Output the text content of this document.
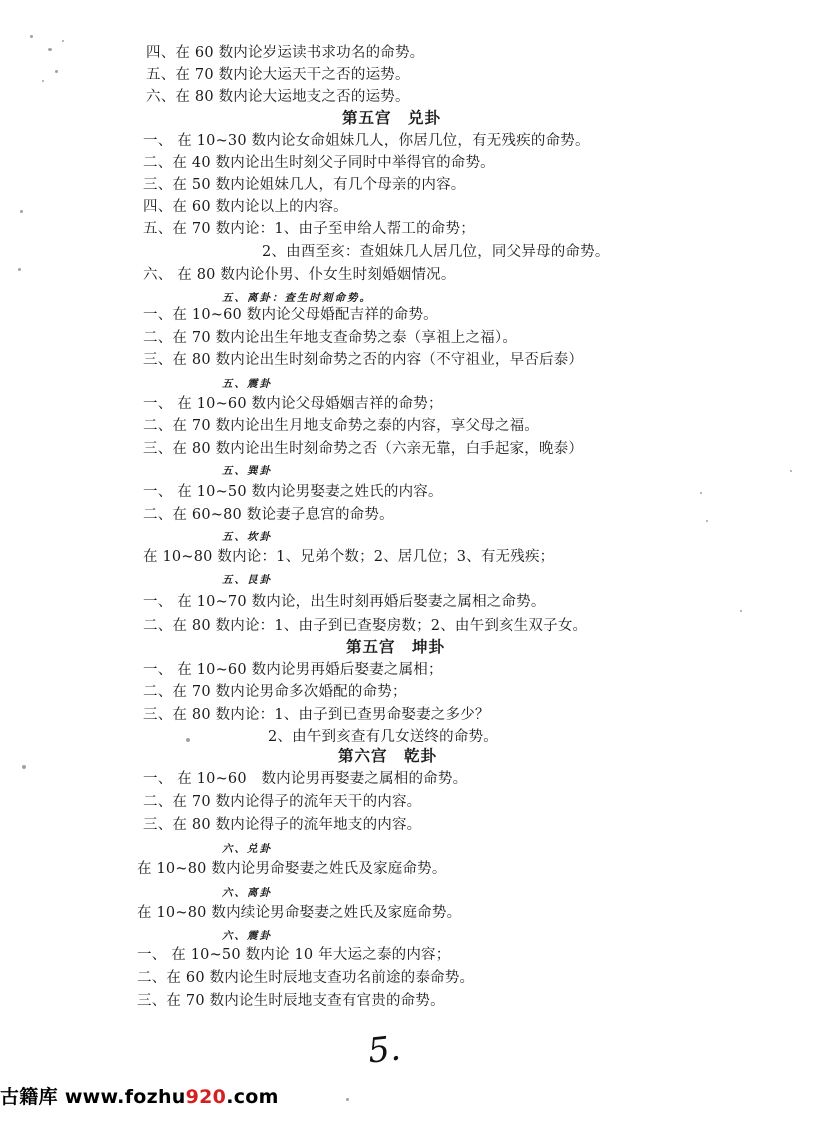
四、在 60 数内论岁运读书求功名的命势。
五、在 70 数内论大运天干之否的运势。
六、在 80 数内论大运地支之否的运势。
第五宫　兑卦
一、 在 10~30 数内论女命姐妹几人，你居几位，有无残疾的命势。
二、在 40 数内论出生时刻父子同时中举得官的命势。
三、在 50 数内论姐妹几人，有几个母亲的内容。
四、在 60 数内论以上的内容。
五、在 70 数内论：1、由子至申给人帮工的命势；
2、由酉至亥：查姐妹几人居几位，同父异母的命势。
六、 在 80 数内论仆男、仆女生时刻婚姻情况。
五、离卦：查生时刻命势。
一、在 10~60 数内论父母婚配吉祥的命势。
二、在 70 数内论出生年地支查命势之泰（享祖上之福）。
三、在 80 数内论出生时刻命势之否的内容（不守祖业，早否后泰）
五、震卦
一、 在 10~60 数内论父母婚姻吉祥的命势；
二、在 70 数内论出生月地支命势之泰的内容，享父母之福。
三、在 80 数内论出生时刻命势之否（六亲无靠，白手起家，晚泰）
五、巽卦
一、 在 10~50 数内论男娶妻之姓氏的内容。
二、在 60~80 数论妻子息宫的命势。
五、坎卦
在 10~80 数内论：1、兄弟个数；2、居几位；3、有无残疾；
五、艮卦
一、 在 10~70 数内论，出生时刻再婚后娶妻之属相之命势。
二、在 80 数内论：1、由子到已查娶房数；2、由午到亥生双子女。
第五宫　坤卦
一、 在 10~60 数内论男再婚后娶妻之属相；
二、在 70 数内论男命多次婚配的命势；
三、在 80 数内论：1、由子到已查男命娶妻之多少？
2、由午到亥查有几女送终的命势。
第六宫　乾卦
一、 在 10~60　数内论男再娶妻之属相的命势。
二、在 70 数内论得子的流年天干的内容。
三、在 80 数内论得子的流年地支的内容。
六、兑卦
在 10~80 数内论男命娶妻之姓氏及家庭命势。
六、离卦
在 10~80 数内续论男命娶妻之姓氏及家庭命势。
六、震卦
一、 在 10~50 数内论 10 年大运之泰的内容；
二、在 60 数内论生时辰地支查功名前途的泰命势。
三、在 70 数内论生时辰地支查有官贵的命势。
5.
古籍库 www.fozhu920.com
